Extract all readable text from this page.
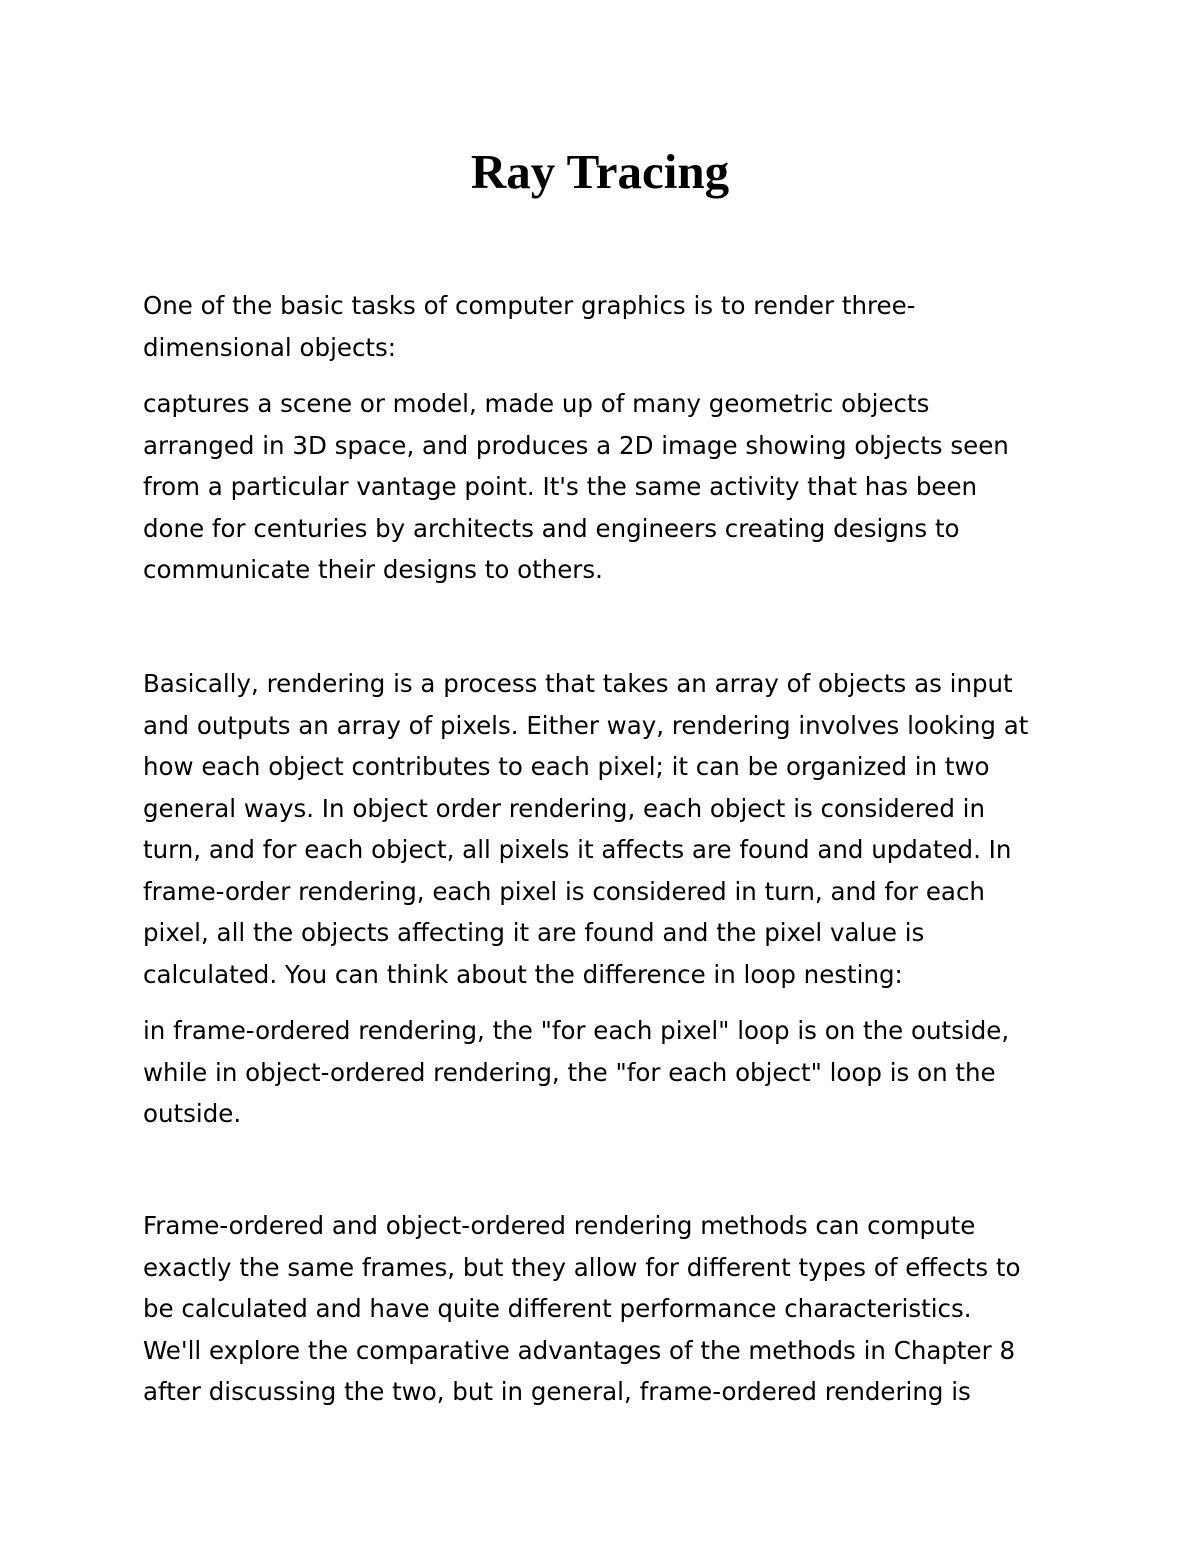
Ray Tracing

One of the basic tasks of computer graphics is to render three-
dimensional objects:

captures a scene or model, made up of many geometric objects
arranged in 3D space, and produces a 2D image showing objects seen
from a particular vantage point. It's the same activity that has been
done for centuries by architects and engineers creating designs to
communicate their designs to others.

Basically, rendering is a process that takes an array of objects as input
and outputs an array of pixels. Either way, rendering involves looking at
how each object contributes to each pixel; it can be organized in two
general ways. In object order rendering, each object is considered in
turn, and for each object, all pixels it affects are found and updated. In
frame-order rendering, each pixel is considered in turn, and for each
pixel, all the objects affecting it are found and the pixel value is
calculated. You can think about the difference in loop nesting:

in frame-ordered rendering, the "for each pixel" loop is on the outside,
while in object-ordered rendering, the "for each object" loop is on the
outside.

Frame-ordered and object-ordered rendering methods can compute
exactly the same frames, but they allow for different types of effects to
be calculated and have quite different performance characteristics.
We'll explore the comparative advantages of the methods in Chapter 8
after discussing the two, but in general, frame-ordered rendering is
